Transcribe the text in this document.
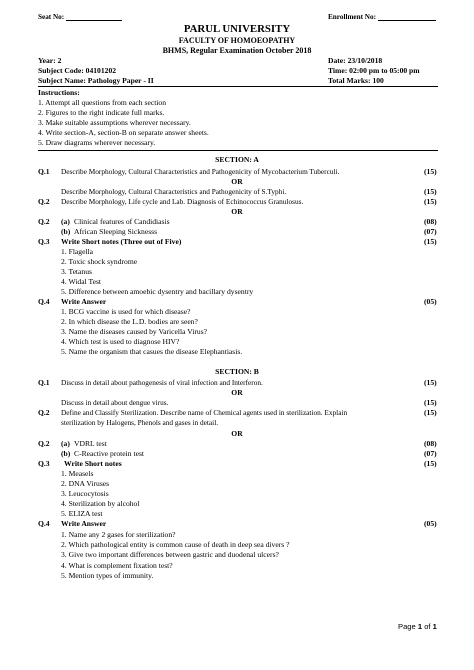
Seat No:	Enrollment No:
PARUL UNIVERSITY
FACULTY OF HOMOEOPATHY
BHMS, Regular Examination October 2018
Year: 2	Date: 23/10/2018
Subject Code: 04101202	Time: 02:00 pm to 05:00 pm
Subject Name: Pathology Paper - II	Total Marks: 100
Instructions:
1. Attempt all questions from each section
2. Figures to the right indicate full marks.
3. Make suitable assumptions wherever necessary.
4. Write section-A, section-B on separate answer sheets.
5. Draw diagrams wherever necessary.
SECTION: A
Q.1 Describe Morphology, Cultural Characteristics and Pathogenicity of Mycobacterium Tuberculi.	(15)
OR
Describe Morphology, Cultural Characteristics and Pathogenicity of S.Typhi.	(15)
Q.2 Describe Morphology, Life cycle and Lab. Diagnosis of Echinococcus Granulosus.	(15)
OR
Q.2 (a) Clinical features of Candidiasis	(08)
(b) African Sleeping Sicknesss	(07)
Q.3 Write Short notes (Three out of Five)	(15)
1. Flagella
2. Toxic shock syndrome
3. Tetanus
4. Widal Test
5. Difference between amoebic dysentry and bacillary dysentry
Q.4 Write Answer	(05)
1. BCG vaccine is used for which disease?
2. In which disease the L.D. bodies are seen?
3. Name the diseases caused by Varicella Virus?
4. Which test is used to diagnose HIV?
5. Name the organism that casues the disease Elephantiasis.
SECTION: B
Q.1 Discuss in detail about pathogenesis of viral infection and Interferon.	(15)
OR
Discuss in detail about dengue virus.	(15)
Q.2 Define and Classify Sterilization. Describe name of Chemical agents used in sterilization. Explain	(15)
sterilization by Halogens, Phenols and gases in detail.
OR
Q.2 (a) VDRL test	(08)
(b) C-Reactive protein test	(07)
Q.3 Write Short notes	(15)
1. Measels
2. DNA Viruses
3. Leucocytosis
4. Sterilization by alcohol
5. ELIZA test
Q.4 Write Answer	(05)
1. Name any 2 gases for sterilization?
2. Which pathological entity is common cause of death in deep sea divers ?
3. Give two important differences between gastric and duodenal ulcers?
4. What is complement fixation test?
5. Mention types of immunity.
Page 1 of 1
